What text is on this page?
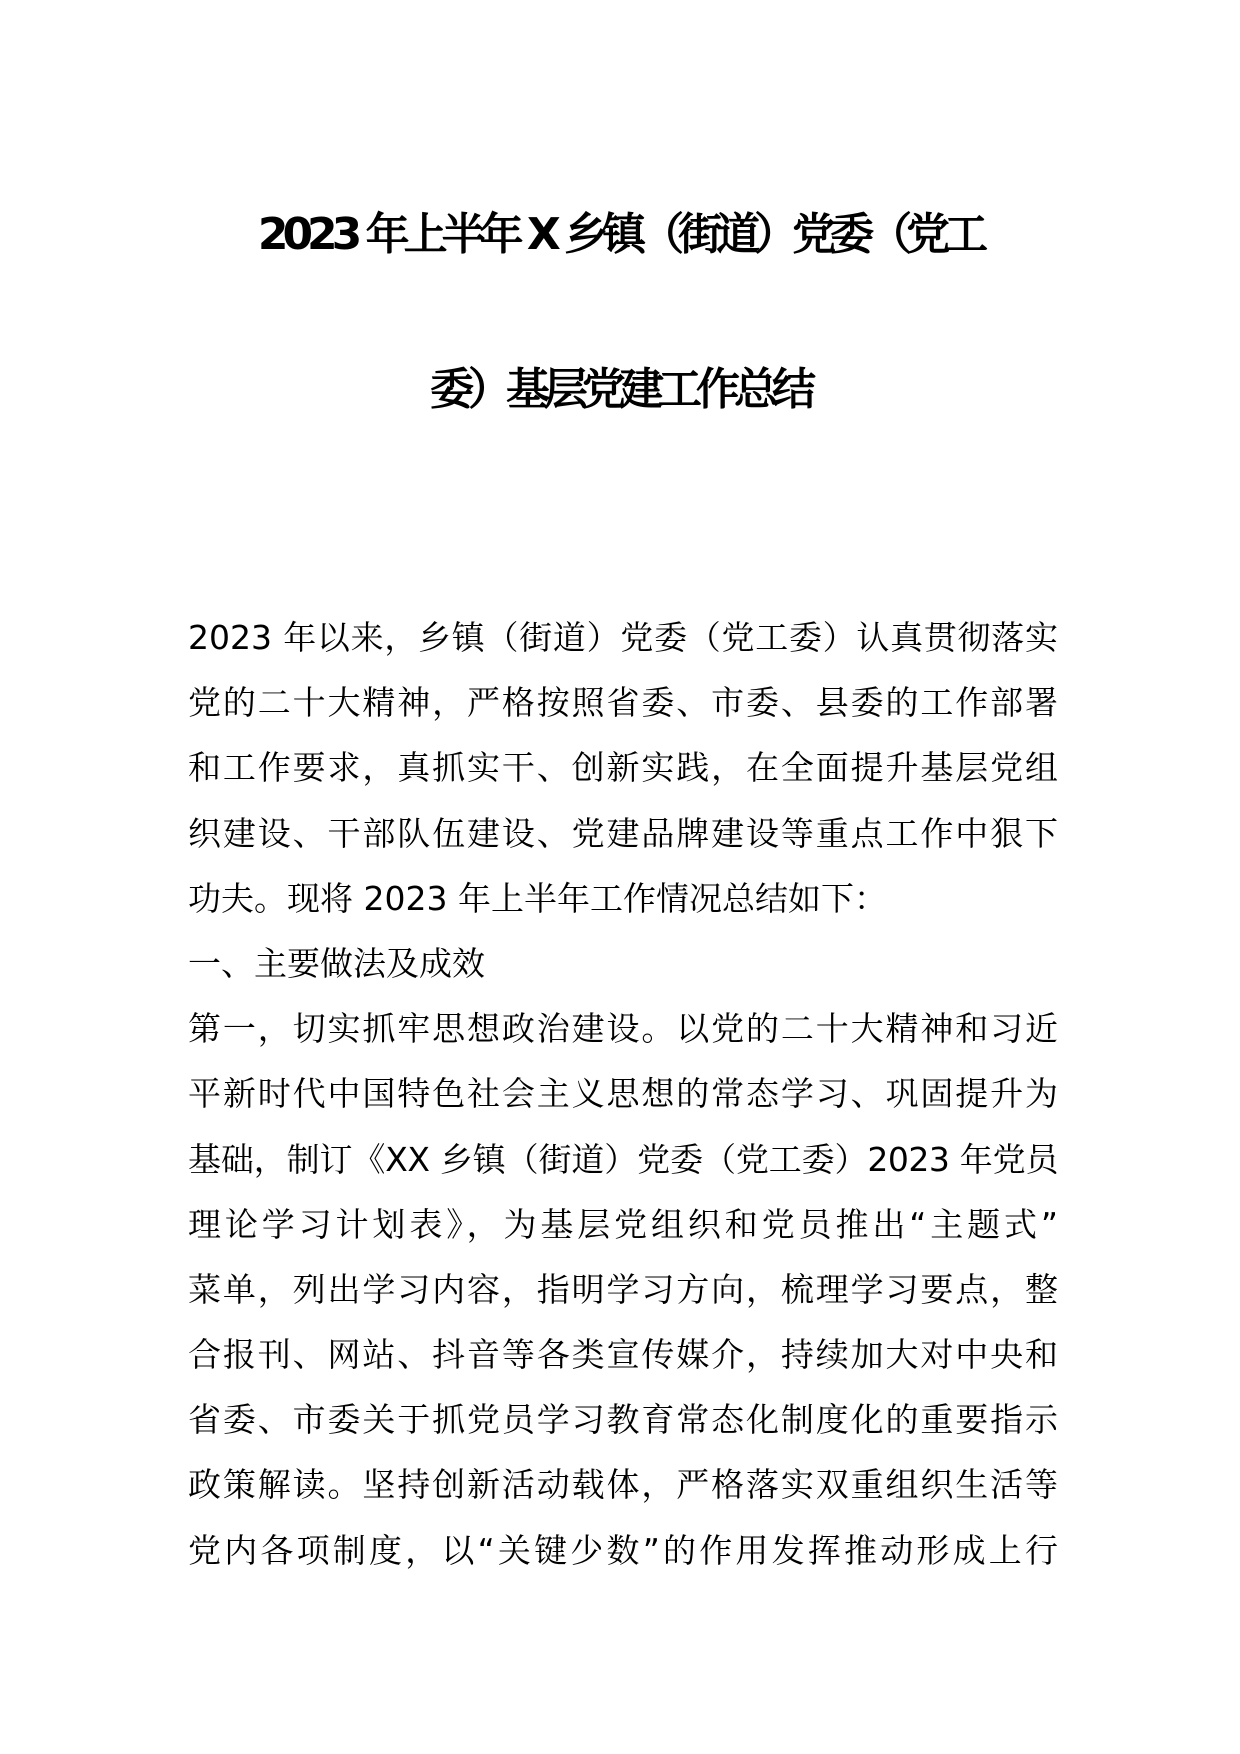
2023 年上半年 X 乡镇（街道）党委（党工
委）基层党建工作总结
2023 年以来，乡镇（街道）党委（党工委）认真贯彻落实
党的二十大精神，严格按照省委、市委、县委的工作部署
和工作要求，真抓实干、创新实践，在全面提升基层党组
织建设、干部队伍建设、党建品牌建设等重点工作中狠下
功夫。现将 2023 年上半年工作情况总结如下：
一、主要做法及成效
第一，切实抓牢思想政治建设。以党的二十大精神和习近
平新时代中国特色社会主义思想的常态学习、巩固提升为
基础，制订《XX 乡镇（街道）党委（党工委）2023 年党员
理论学习计划表》，为基层党组织和党员推出“主题式”
菜单，列出学习内容，指明学习方向，梳理学习要点，整
合报刊、网站、抖音等各类宣传媒介，持续加大对中央和
省委、市委关于抓党员学习教育常态化制度化的重要指示
政策解读。坚持创新活动载体，严格落实双重组织生活等
党内各项制度，以“关键少数”的作用发挥推动形成上行
